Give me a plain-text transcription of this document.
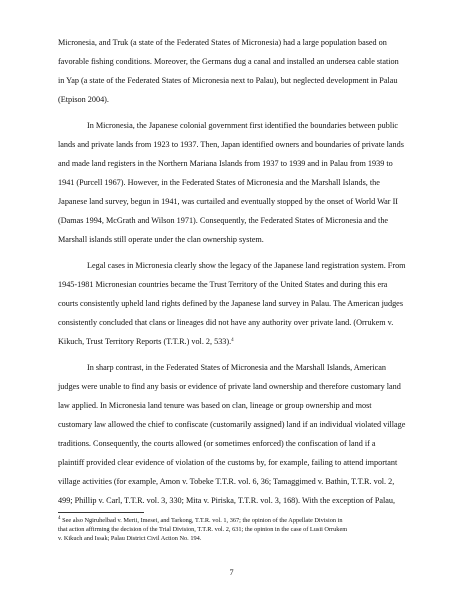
Micronesia, and Truk (a state of the Federated States of Micronesia) had a large population based on
favorable fishing conditions. Moreover, the Germans dug a canal and installed an undersea cable station
in Yap (a state of the Federated States of Micronesia next to Palau), but neglected development in Palau
(Etpison 2004).
In Micronesia, the Japanese colonial government first identified the boundaries between public
lands and private lands from 1923 to 1937. Then, Japan identified owners and boundaries of private lands
and made land registers in the Northern Mariana Islands from 1937 to 1939 and in Palau from 1939 to
1941 (Purcell 1967). However, in the Federated States of Micronesia and the Marshall Islands, the
Japanese land survey, begun in 1941, was curtailed and eventually stopped by the onset of World War II
(Damas 1994, McGrath and Wilson 1971). Consequently, the Federated States of Micronesia and the
Marshall islands still operate under the clan ownership system.
Legal cases in Micronesia clearly show the legacy of the Japanese land registration system. From
1945-1981 Micronesian countries became the Trust Territory of the United States and during this era
courts consistently upheld land rights defined by the Japanese land survey in Palau. The American judges
consistently concluded that clans or lineages did not have any authority over private land. (Orrukem v.
Kikuch, Trust Territory Reports (T.T.R.) vol. 2, 533).$^4$
In sharp contrast, in the Federated States of Micronesia and the Marshall Islands, American
judges were unable to find any basis or evidence of private land ownership and therefore customary land
law applied. In Micronesia land tenure was based on clan, lineage or group ownership and most
customary law allowed the chief to confiscate (customarily assigned) land if an individual violated village
traditions. Consequently, the courts allowed (or sometimes enforced) the confiscation of land if a
plaintiff provided clear evidence of violation of the customs by, for example, failing to attend important
village activities (for example, Amon v. Tobeke T.T.R. vol. 6, 36; Tamaggimed v. Bathin, T.T.R. vol. 2,
499; Phillip v. Carl, T.T.R. vol. 3, 330; Mita v. Piriska, T.T.R. vol. 3, 168). With the exception of Palau,
$^4$ See also Ngiruhelbad v. Merii, Imesei, and Tarkong, T.T.R. vol. 1, 367; the opinion of the Appellate Division in
that action affirming the decision of the Trial Division, T.T.R. vol. 2, 631; the opinion in the case of Lusii Orrukem
v. Kikuch and Issak; Palau District Civil Action No. 194.
7
